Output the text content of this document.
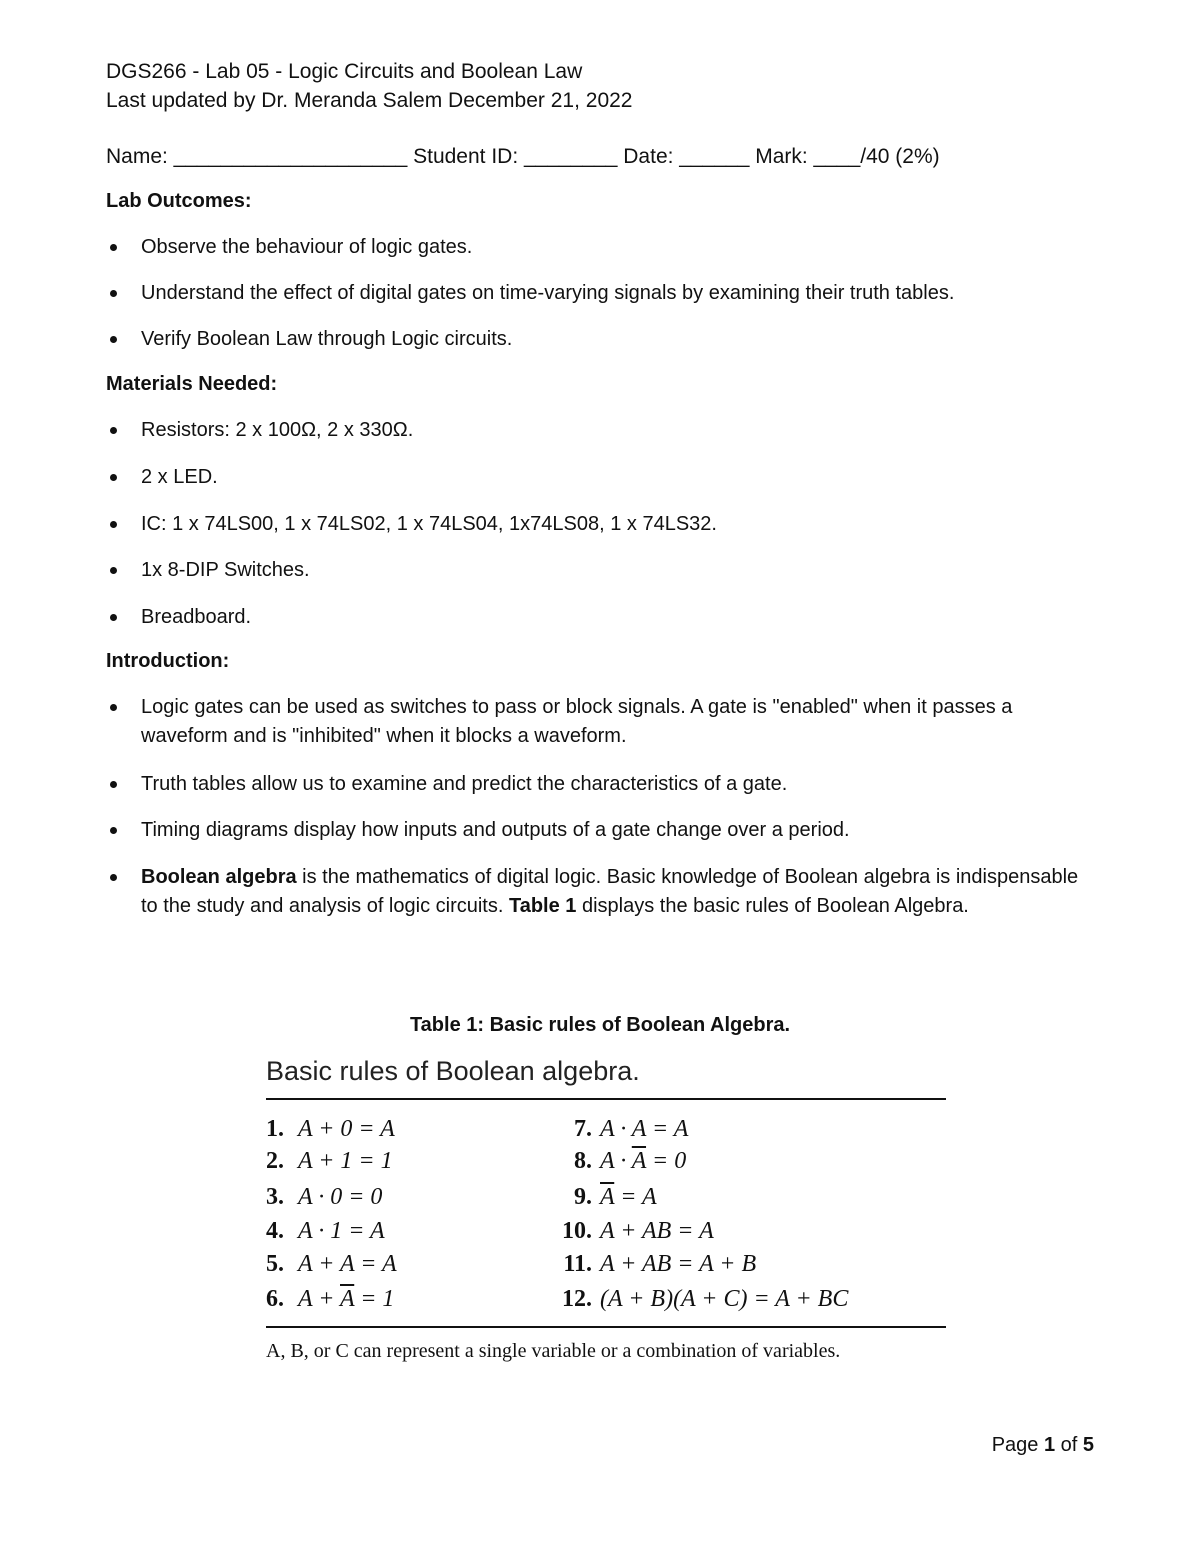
DGS266 - Lab 05 - Logic Circuits and Boolean Law
Last updated by Dr. Meranda Salem December 21, 2022
Name: ____________________ Student ID: ________ Date: ______ Mark: ____/40 (2%)
Lab Outcomes:
Observe the behaviour of logic gates.
Understand the effect of digital gates on time-varying signals by examining their truth tables.
Verify Boolean Law through Logic circuits.
Materials Needed:
Resistors: 2 x 100Ω, 2 x 330Ω.
2 x LED.
IC: 1 x 74LS00, 1 x 74LS02, 1 x 74LS04, 1x74LS08, 1 x 74LS32.
1x 8-DIP Switches.
Breadboard.
Introduction:
Logic gates can be used as switches to pass or block signals. A gate is "enabled" when it passes a waveform and is "inhibited" when it blocks a waveform.
Truth tables allow us to examine and predict the characteristics of a gate.
Timing diagrams display how inputs and outputs of a gate change over a period.
Boolean algebra is the mathematics of digital logic. Basic knowledge of Boolean algebra is indispensable to the study and analysis of logic circuits. Table 1 displays the basic rules of Boolean Algebra.
Table 1: Basic rules of Boolean Algebra.
Basic rules of Boolean algebra.
1. A + 0 = A
2. A + 1 = 1
3. A · 0 = 0
4. A · 1 = A
5. A + A = A
6. $A + \overline{A} = 1$
7. A · A = A
8. $A \cdot \overline{A} = 0$
9. $\overline{A} = A$
10. A + AB = A
11. A + AB = A + B
12. (A + B)(A + C) = A + BC
A, B, or C can represent a single variable or a combination of variables.
Page 1 of 5
